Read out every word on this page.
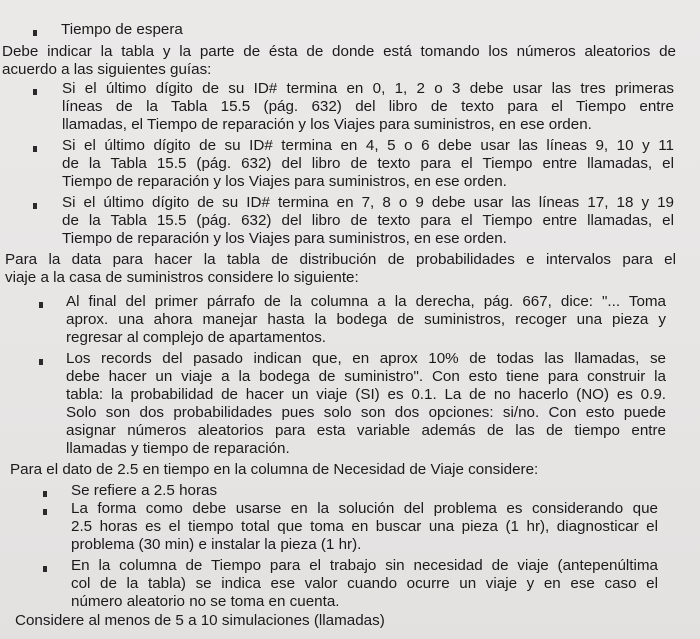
Tiempo de espera
Debe indicar la tabla y la parte de ésta de donde está tomando los números aleatorios de
acuerdo a las siguientes guías:
Si el último dígito de su ID# termina en 0, 1, 2 o 3 debe usar las tres primeras
líneas de la Tabla 15.5 (pág. 632) del libro de texto para el Tiempo entre
llamadas, el Tiempo de reparación y los Viajes para suministros, en ese orden.
Si el último dígito de su ID# termina en 4, 5 o 6 debe usar las líneas 9, 10 y 11
de la Tabla 15.5 (pág. 632) del libro de texto para el Tiempo entre llamadas, el
Tiempo de reparación y los Viajes para suministros, en ese orden.
Si el último dígito de su ID# termina en 7, 8 o 9 debe usar las líneas 17, 18 y 19
de la Tabla 15.5 (pág. 632) del libro de texto para el Tiempo entre llamadas, el
Tiempo de reparación y los Viajes para suministros, en ese orden.
Para la data para hacer la tabla de distribución de probabilidades e intervalos para el
viaje a la casa de suministros considere lo siguiente:
Al final del primer párrafo de la columna a la derecha, pág. 667, dice: "... Toma
aprox. una ahora manejar hasta la bodega de suministros, recoger una pieza y
regresar al complejo de apartamentos.
Los records del pasado indican que, en aprox 10% de todas las llamadas, se
debe hacer un viaje a la bodega de suministro". Con esto tiene para construir la
tabla: la probabilidad de hacer un viaje (SI) es 0.1. La de no hacerlo (NO) es 0.9.
Solo son dos probabilidades pues solo son dos opciones: si/no. Con esto puede
asignar números aleatorios para esta variable además de las de tiempo entre
llamadas y tiempo de reparación.
Para el dato de 2.5 en tiempo en la columna de Necesidad de Viaje considere:
Se refiere a 2.5 horas
La forma como debe usarse en la solución del problema es considerando que
2.5 horas es el tiempo total que toma en buscar una pieza (1 hr), diagnosticar el
problema (30 min) e instalar la pieza (1 hr).
En la columna de Tiempo para el trabajo sin necesidad de viaje (antepenúltima
col de la tabla) se indica ese valor cuando ocurre un viaje y en ese caso el
número aleatorio no se toma en cuenta.
Considere al menos de 5 a 10 simulaciones (llamadas)
